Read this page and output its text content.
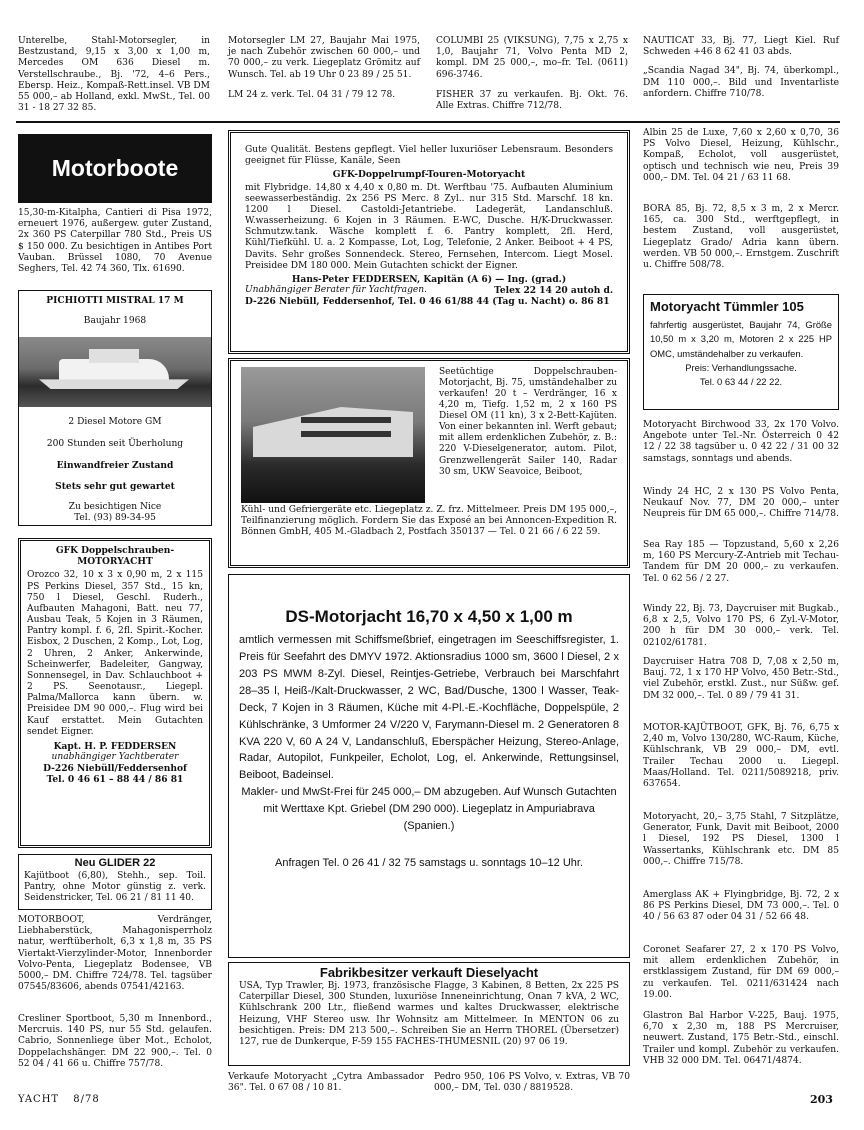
Unterelbe, Stahl-Motorsegler, in Bestzustand, 9,15 x 3,00 x 1,00 m, Mercedes OM 636 Diesel m. Verstellschraube., Bj. '72, 4–6 Pers., Ebersp. Heiz., Kompaß-Rett.insel. VB DM 55 000,– ab Holland, exkl. MwSt., Tel. 00 31 - 18 27 32 85.

Motorsegler LM 27, Baujahr Mai 1975, je nach Zubehör zwischen 60 000,– und 70 000,– zu verk. Liegeplatz Grömitz auf Wunsch. Tel. ab 19 Uhr 0 23 89 / 25 51.

LM 24 z. verk. Tel. 04 31 / 79 12 78.

COLUMBI 25 (VIKSUNG), 7,75 x 2,75 x 1,0, Baujahr 71, Volvo Penta MD 2, kompl. DM 25 000,–, mo–fr. Tel. (0611) 696-3746.

FISHER 37 zu verkaufen. Bj. Okt. 76. Alle Extras. Chiffre 712/78.

NAUTICAT 33, Bj. 77, Liegt Kiel. Ruf Schweden +46 8 62 41 03 abds.

„Scandia Nagad 34", Bj. 74, überkompl., DM 110 000,–. Bild und Inventarliste anfordern. Chiffre 710/78.

Motorboote

15,30-m-Kitalpha, Cantieri di Pisa 1972, erneuert 1976, außergew. guter Zustand, 2x 360 PS Caterpillar 780 Std., Preis US $ 150 000. Zu besichtigen in Antibes Port Vauban. Brüssel 1080, 70 Avenue Seghers, Tel. 42 74 360, Tlx. 61690.

PICHIOTTI MISTRAL 17 M
Baujahr 1968
2 Diesel Motore GM
200 Stunden seit Überholung
Einwandfreier Zustand
Stets sehr gut gewartet
Zu besichtigen Nice
Tel. (93) 89-34-95
GFK Doppelschrauben-
MOTORYACHT
Orozco 32, 10 x 3 x 0,90 m, 2 x 115 PS Perkins Diesel, 357 Std., 15 kn, 750 l Diesel, Geschl. Ruderh., Aufbauten Mahagoni, Batt. neu 77, Ausbau Teak, 5 Kojen in 3 Räumen, Pantry kompl. f. 6, 2fl. Spirit.-Kocher. Eisbox, 2 Duschen, 2 Komp., Lot, Log, 2 Uhren, 2 Anker, Ankerwinde, Scheinwerfer, Badeleiter, Gangway, Sonnensegel, in Dav. Schlauchboot + 2 PS. Seenotausr., Liegepl. Palma/Mallorca kann übern. w. Preisidee DM 90 000,–. Flug wird bei Kauf erstattet. Mein Gutachten sendet Eigner.
Kapt. H. P. FEDDERSEN
unabhängiger Yachtberater
D-226 Niebüll/Feddersenhof
Tel. 0 46 61 – 88 44 / 86 81
Neu GLIDER 22
Kajütboot (6,80), Stehh., sep. Toil. Pantry, ohne Motor günstig z. verk. Seidenstricker, Tel. 06 21 / 81 11 40.

MOTORBOOT, Verdränger, Liebhaberstück, Mahagonisperrholz natur, werftüberholt, 6,3 x 1,8 m, 35 PS Viertakt-Vierzylinder-Motor, Innenborder Volvo-Penta, Liegeplatz Bodensee, VB 5000,– DM. Chiffre 724/78. Tel. tagsüber 07545/83606, abends 07541/42163.

Cresliner Sportboot, 5,30 m Innenbord., Mercruis. 140 PS, nur 55 Std. gelaufen. Cabrio, Sonnenliege über Mot., Echolot, Doppelachshänger. DM 22 900,–. Tel. 0 52 04 / 41 66 u. Chiffre 757/78.

Gute Qualität. Bestens gepflegt. Viel heller luxuriöser Lebensraum. Besonders geeignet für Flüsse, Kanäle, Seen
GFK-Doppelrumpf-Touren-Motoryacht
mit Flybridge. 14,80 x 4,40 x 0,80 m. Dt. Werftbau '75. Aufbauten Aluminium seewasserbeständig. 2x 256 PS Merc. 8 Zyl.. nur 315 Std. Marschf. 18 kn. 1200 l Diesel. Castoldi-Jetantriebe. Ladegerät, Landanschluß. W.wasserheizung. 6 Kojen in 3 Räumen. E-WC, Dusche. H/K-Druckwasser. Schmutzw.tank. Wäsche komplett f. 6. Pantry komplett, 2fl. Herd, Kühl/Tiefkühl. U. a. 2 Kompasse, Lot, Log, Telefonie, 2 Anker. Beiboot + 4 PS, Davits. Sehr großes Sonnendeck. Stereo, Fernsehen, Intercom. Liegt Mosel. Preisidee DM 180 000. Mein Gutachten schickt der Eigner.
Hans-Peter FEDDERSEN, Kapitän (A 6) — Ing. (grad.)
Unabhängiger Berater für Yachtfragen.	Telex 22 14 20 autoh d.
D-226 Niebüll, Feddersenhof, Tel. 0 46 61/88 44 (Tag u. Nacht) o. 86 81
Seetüchtige Doppelschrauben-Motorjacht, Bj. 75, umständehalber zu verkaufen! 20 t – Verdränger, 16 x 4,20 m, Tiefg. 1,52 m, 2 x 160 PS Diesel OM (11 kn), 3 x 2-Bett-Kajüten. Von einer bekannten inl. Werft gebaut; mit allem erdenklichen Zubehör, z. B.: 220 V-Dieselgenerator, autom. Pilot, Grenzwellengerät Sailer 140, Radar 30 sm, UKW Seavoice, Beiboot,
Kühl- und Gefriergeräte etc. Liegeplatz z. Z. frz. Mittelmeer. Preis DM 195 000,–, Teilfinanzierung möglich. Fordern Sie das Exposé an bei Annoncen-Expedition R. Bönnen GmbH, 405 M.-Gladbach 2, Postfach 350137 — Tel. 0 21 66 / 6 22 59.
DS-Motorjacht 16,70 x 4,50 x 1,00 m
amtlich vermessen mit Schiffsmeßbrief, eingetragen im Seeschiffsregister, 1. Preis für Seefahrt des DMYV 1972. Aktionsradius 1000 sm, 3600 l Diesel, 2 x 203 PS MWM 8-Zyl. Diesel, Reintjes-Getriebe, Verbrauch bei Marschfahrt 28–35 l, Heiß-/Kalt-Druckwasser, 2 WC, Bad/Dusche, 1300 l Wasser, Teak-Deck, 7 Kojen in 3 Räumen, Küche mit 4-Pl.-E.-Kochfläche, Doppelspüle, 2 Kühlschränke, 3 Umformer 24 V/220 V, Farymann-Diesel m. 2 Generatoren 8 KVA 220 V, 60 A 24 V, Landanschluß, Eberspächer Heizung, Stereo-Anlage, Radar, Autopilot, Funkpeiler, Echolot, Log, el. Ankerwinde, Rettungsinsel, Beiboot, Badeinsel.
Makler- und MwSt-Frei für 245 000,– DM abzugeben. Auf Wunsch Gutachten mit Werttaxe Kpt. Griebel (DM 290 000). Liegeplatz in Ampuriabrava (Spanien.)
Anfragen Tel. 0 26 41 / 32 75 samstags u. sonntags 10–12 Uhr.
Fabrikbesitzer verkauft Dieselyacht
USA, Typ Trawler, Bj. 1973, französische Flagge, 3 Kabinen, 8 Betten, 2x 225 PS Caterpillar Diesel, 300 Stunden, luxuriöse Inneneinrichtung, Onan 7 kVA, 2 WC, Kühlschrank 200 Ltr., fließend warmes und kaltes Druckwasser, elektrische Heizung, VHF Stereo usw. Ihr Wohnsitz am Mittelmeer. In MENTON 06 zu besichtigen. Preis: DM 213 500,–. Schreiben Sie an Herrn THOREL (Übersetzer) 127, rue de Dunkerque, F-59 155 FACHES-THUMESNIL (20) 97 06 19.

Verkaufe Motoryacht „Cytra Ambassador 36". Tel. 0 67 08 / 10 81.

Pedro 950, 106 PS Volvo, v. Extras, VB 70 000,– DM, Tel. 030 / 8819528.

Albin 25 de Luxe, 7,60 x 2,60 x 0,70, 36 PS Volvo Diesel, Heizung, Kühlschr., Kompaß, Echolot, voll ausgerüstet, optisch und technisch wie neu, Preis 39 000,– DM. Tel. 04 21 / 63 11 68.

BORA 85, Bj. 72, 8,5 x 3 m, 2 x Mercr. 165, ca. 300 Std., werftgepflegt, in bestem Zustand, voll ausgerüstet, Liegeplatz Grado/ Adria kann übern. werden. VB 50 000,–. Ernstgem. Zuschrift u. Chiffre 508/78.

Motoryacht Tümmler 105
fahrfertig ausgerüstet, Baujahr 74, Größe 10,50 m x 3,20 m, Motoren 2 x 225 HP OMC, umständehalber zu verkaufen.
Preis: Verhandlungssache.
Tel. 0 63 44 / 22 22.

Motoryacht Birchwood 33, 2x 170 Volvo. Angebote unter Tel.-Nr. Österreich 0 42 12 / 22 38 tagsüber u. 0 42 22 / 31 00 32 samstags, sonntags und abends.

Windy 24 HC, 2 x 130 PS Volvo Penta, Neukauf Nov. 77, DM 20 000,– unter Neupreis für DM 65 000,–. Chiffre 714/78.

Sea Ray 185 — Topzustand, 5,60 x 2,26 m, 160 PS Mercury-Z-Antrieb mit Techau-Tandem für DM 20 000,– zu verkaufen. Tel. 0 62 56 / 2 27.

Windy 22, Bj. 73, Daycruiser mit Bugkab., 6,8 x 2,5, Volvo 170 PS, 6 Zyl.-V-Motor, 200 h für DM 30 000,– verk. Tel. 02102/61781.

Daycruiser Hatra 708 D, 7,08 x 2,50 m, Bauj. 72, 1 x 170 HP Volvo, 450 Betr.-Std., viel Zubehör, erstkl. Zust., nur Süßw. gef. DM 32 000,–. Tel. 0 89 / 79 41 31.

MOTOR-KAJÜTBOOT, GFK, Bj. 76, 6,75 x 2,40 m, Volvo 130/280, WC-Raum, Küche, Kühlschrank, VB 29 000,– DM, evtl. Trailer Techau 2000 u. Liegepl. Maas/Holland. Tel. 0211/5089218, priv. 637654.

Motoryacht, 20,– 3,75 Stahl, 7 Sitzplätze, Generator, Funk, Davit mit Beiboot, 2000 l Diesel, 192 PS Diesel, 1300 l Wassertanks, Kühlschrank etc. DM 85 000,–. Chiffre 715/78.

Amerglass AK + Flyingbridge, Bj. 72, 2 x 86 PS Perkins Diesel, DM 73 000,–. Tel. 0 40 / 56 63 87 oder 04 31 / 52 66 48.

Coronet Seafarer 27, 2 x 170 PS Volvo, mit allem erdenklichen Zubehör, in erstklassigem Zustand, für DM 69 000,– zu verkaufen. Tel. 0211/631424 nach 19.00.

Glastron Bal Harbor V-225, Bauj. 1975, 6,70 x 2,30 m, 188 PS Mercruiser, neuwert. Zustand, 175 Betr.-Std., einschl. Trailer und kompl. Zubehör zu verkaufen. VHB 32 000 DM. Tel. 06471/4874.

YACHT 8/78	203
